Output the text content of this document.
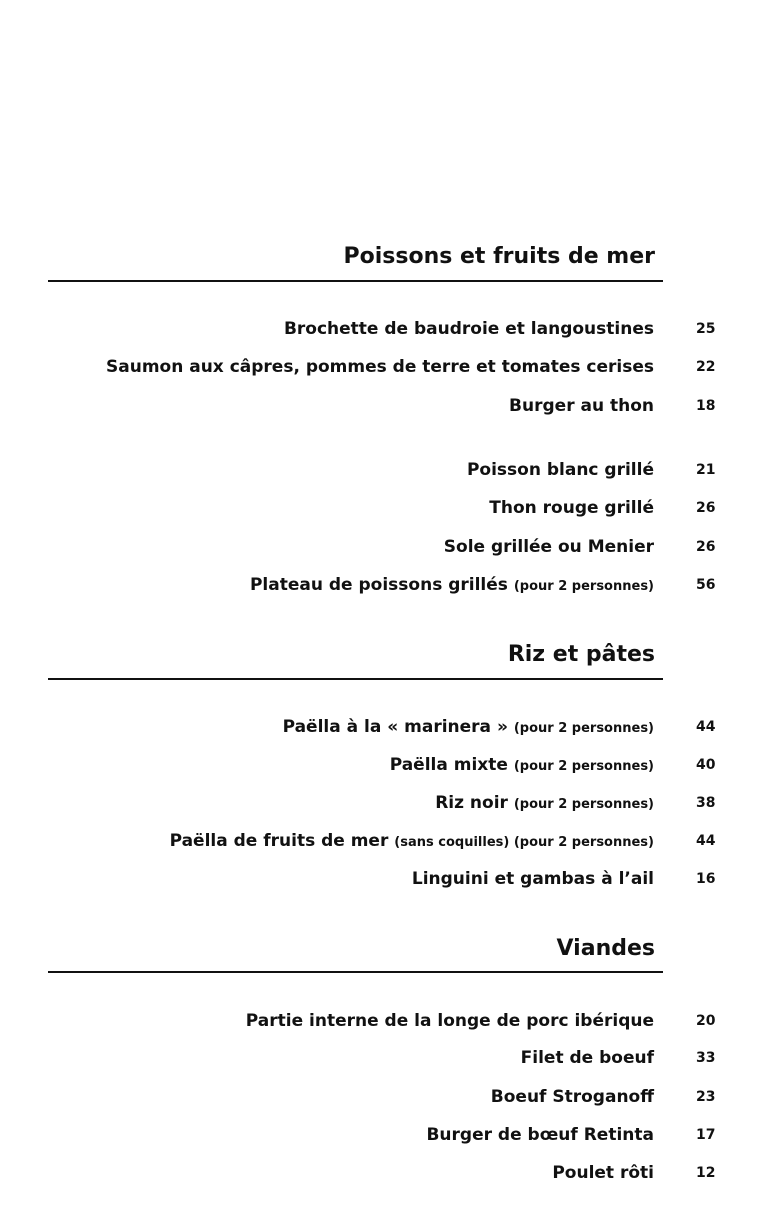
Poissons et fruits de mer
Brochette de baudroie et langoustines	25
Saumon aux câpres, pommes de terre et tomates cerises	22
Burger au thon	18
Poisson blanc grillé	21
Thon rouge grillé	26
Sole grillée ou Menier	26
Plateau de poissons grillés (pour 2 personnes)	56
Riz et pâtes
Paëlla à la « marinera » (pour 2 personnes)	44
Paëlla mixte (pour 2 personnes)	40
Riz noir (pour 2 personnes)	38
Paëlla de fruits de mer (sans coquilles) (pour 2 personnes)	44
Linguini et gambas à l’ail	16
Viandes
Partie interne de la longe de porc ibérique	20
Filet de boeuf	33
Boeuf Stroganoff	23
Burger de bœuf Retinta	17
Poulet rôti	12
